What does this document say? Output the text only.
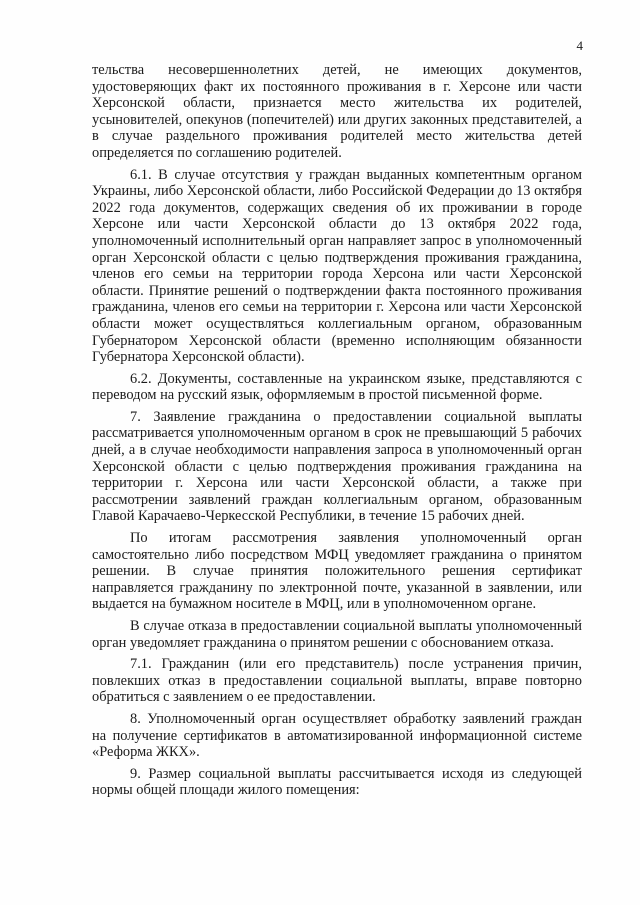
4

тельства несовершеннолетних детей, не имеющих документов, удостоверяющих факт их постоянного проживания в г. Херсоне или части Херсонской области, признается место жительства их родителей, усыновителей, опекунов (попечителей) или других законных представителей, а в случае раздельного проживания родителей место жительства детей определяется по соглашению родителей.

6.1. В случае отсутствия у граждан выданных компетентным органом Украины, либо Херсонской области, либо Российской Федерации до 13 октября 2022 года документов, содержащих сведения об их проживании в городе Херсоне или части Херсонской области до 13 октября 2022 года, уполномоченный исполнительный орган направляет запрос в уполномоченный орган Херсонской области с целью подтверждения проживания гражданина, членов его семьи на территории города Херсона или части Херсонской области. Принятие решений о подтверждении факта постоянного проживания гражданина, членов его семьи на территории г. Херсона или части Херсонской области может осуществляться коллегиальным органом, образованным Губернатором Херсонской области (временно исполняющим обязанности Губернатора Херсонской области).

6.2. Документы, составленные на украинском языке, представляются с переводом на русский язык, оформляемым в простой письменной форме.

7. Заявление гражданина о предоставлении социальной выплаты рассматривается уполномоченным органом в срок не превышающий 5 рабочих дней, а в случае необходимости направления запроса в уполномоченный орган Херсонской области с целью подтверждения проживания гражданина на территории г. Херсона или части Херсонской области, а также при рассмотрении заявлений граждан коллегиальным органом, образованным Главой Карачаево-Черкесской Республики, в течение 15 рабочих дней.

По итогам рассмотрения заявления уполномоченный орган самостоятельно либо посредством МФЦ уведомляет гражданина о принятом решении. В случае принятия положительного решения сертификат направляется гражданину по электронной почте, указанной в заявлении, или выдается на бумажном носителе в МФЦ, или в уполномоченном органе.

В случае отказа в предоставлении социальной выплаты уполномоченный орган уведомляет гражданина о принятом решении с обоснованием отказа.

7.1. Гражданин (или его представитель) после устранения причин, повлекших отказ в предоставлении социальной выплаты, вправе повторно обратиться с заявлением о ее предоставлении.

8. Уполномоченный орган осуществляет обработку заявлений граждан на получение сертификатов в автоматизированной информационной системе «Реформа ЖКХ».

9. Размер социальной выплаты рассчитывается исходя из следующей нормы общей площади жилого помещения:
